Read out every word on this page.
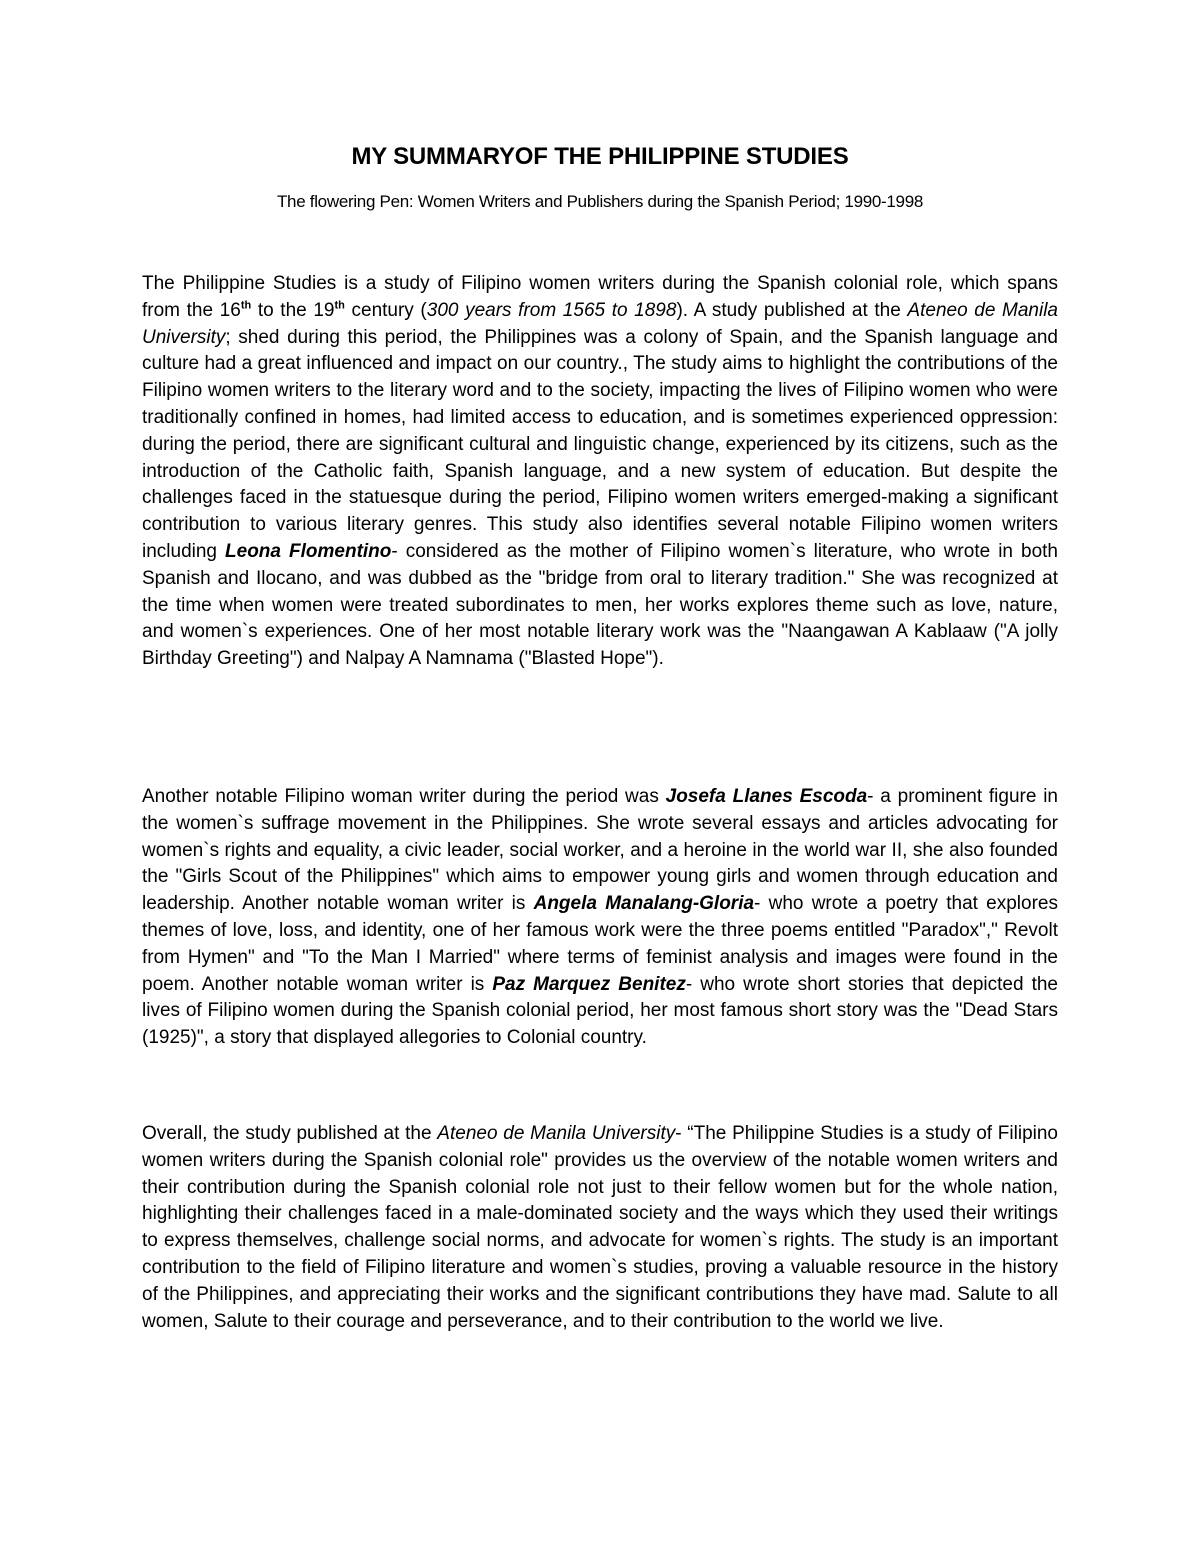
MY SUMMARYOF THE PHILIPPINE STUDIES

The flowering Pen: Women Writers and Publishers during the Spanish Period; 1990-1998

The Philippine Studies is a study of Filipino women writers during the Spanish colonial role, which spans from the 16th to the 19th century (300 years from 1565 to 1898). A study published at the Ateneo de Manila University; shed during this period, the Philippines was a colony of Spain, and the Spanish language and culture had a great influenced and impact on our country., The study aims to highlight the contributions of the Filipino women writers to the literary word and to the society, impacting the lives of Filipino women who were traditionally confined in homes, had limited access to education, and is sometimes experienced oppression: during the period, there are significant cultural and linguistic change, experienced by its citizens, such as the introduction of the Catholic faith, Spanish language, and a new system of education. But despite the challenges faced in the statuesque during the period, Filipino women writers emerged-making a significant contribution to various literary genres. This study also identifies several notable Filipino women writers including Leona Flomentino- considered as the mother of Filipino women`s literature, who wrote in both Spanish and Ilocano, and was dubbed as the "bridge from oral to literary tradition." She was recognized at the time when women were treated subordinates to men, her works explores theme such as love, nature, and women`s experiences. One of her most notable literary work was the "Naangawan A Kablaaw ("A jolly Birthday Greeting") and Nalpay A Namnama ("Blasted Hope").

Another notable Filipino woman writer during the period was Josefa Llanes Escoda- a prominent figure in the women`s suffrage movement in the Philippines. She wrote several essays and articles advocating for women`s rights and equality, a civic leader, social worker, and a heroine in the world war II, she also founded the "Girls Scout of the Philippines" which aims to empower young girls and women through education and leadership. Another notable woman writer is Angela Manalang-Gloria- who wrote a poetry that explores themes of love, loss, and identity, one of her famous work were the three poems entitled "Paradox"," Revolt from Hymen" and "To the Man I Married" where terms of feminist analysis and images were found in the poem. Another notable woman writer is Paz Marquez Benitez- who wrote short stories that depicted the lives of Filipino women during the Spanish colonial period, her most famous short story was the "Dead Stars (1925)", a story that displayed allegories to Colonial country.

Overall, the study published at the Ateneo de Manila University- “The Philippine Studies is a study of Filipino women writers during the Spanish colonial role" provides us the overview of the notable women writers and their contribution during the Spanish colonial role not just to their fellow women but for the whole nation, highlighting their challenges faced in a male-dominated society and the ways which they used their writings to express themselves, challenge social norms, and advocate for women`s rights. The study is an important contribution to the field of Filipino literature and women`s studies, proving a valuable resource in the history of the Philippines, and appreciating their works and the significant contributions they have mad. Salute to all women, Salute to their courage and perseverance, and to their contribution to the world we live.
